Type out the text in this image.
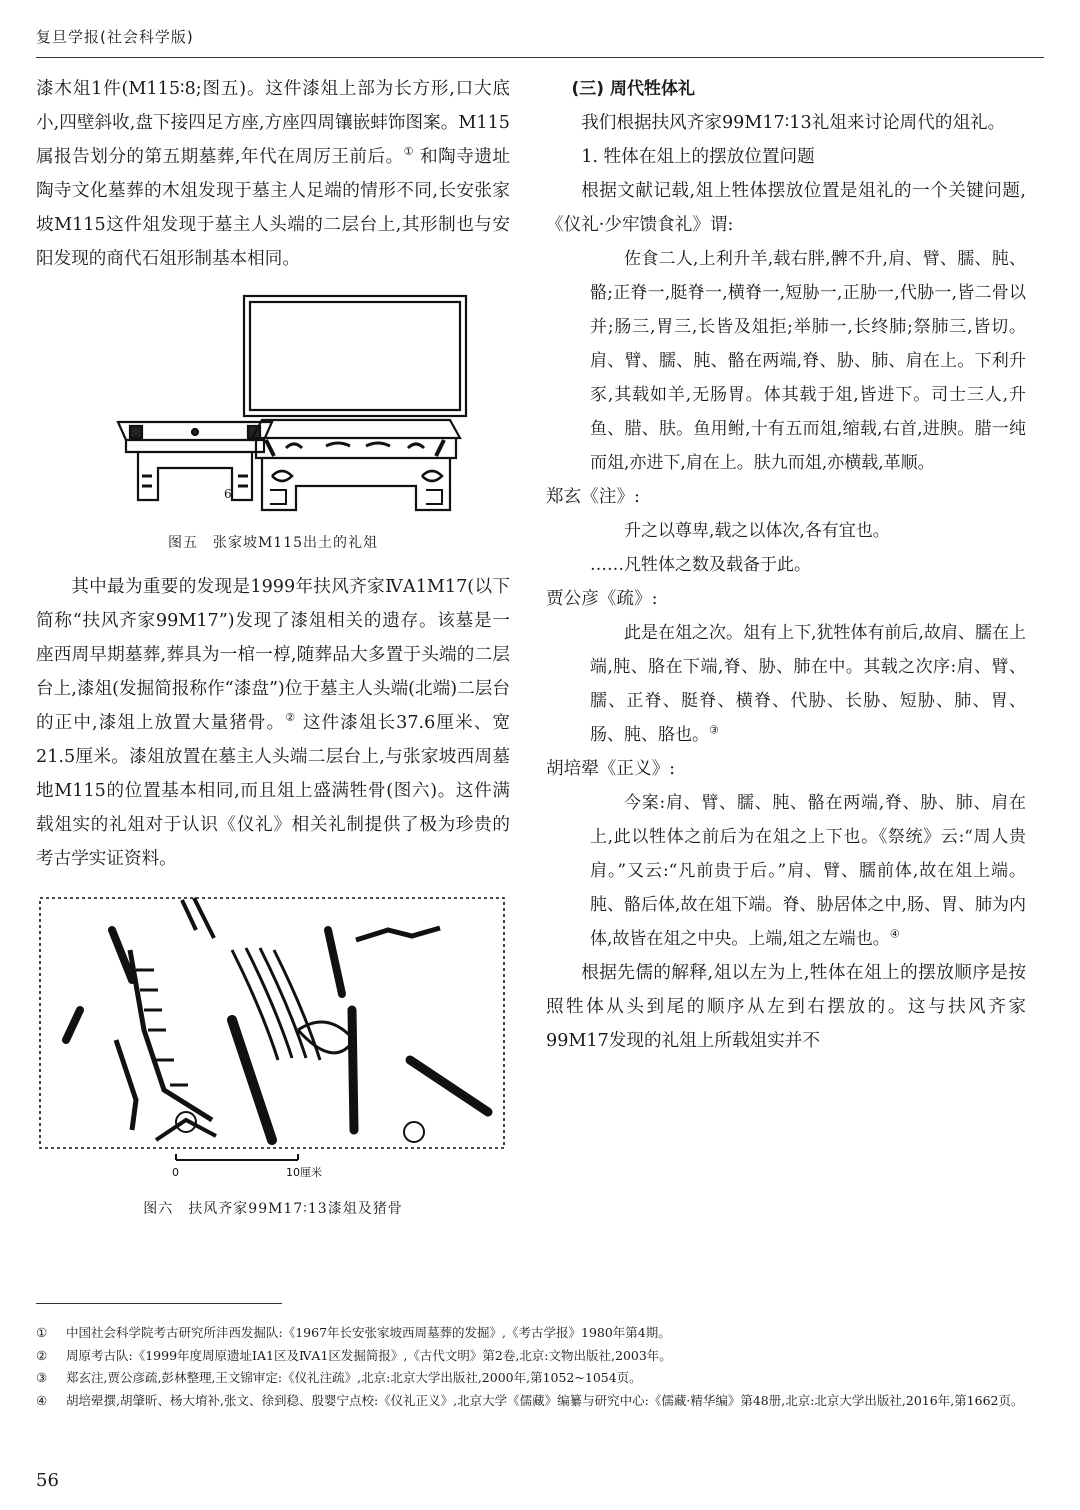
复旦学报(社会科学版)

漆木俎1件(M115∶8;图五)。这件漆俎上部为长方形,口大底小,四壁斜收,盘下接四足方座,方座四周镶嵌蚌饰图案。M115属报告划分的第五期墓葬,年代在周厉王前后。① 和陶寺遗址陶寺文化墓葬的木俎发现于墓主人足端的情形不同,长安张家坡M115这件俎发现于墓主人头端的二层台上,其形制也与安阳发现的商代石俎形制基本相同。

6

图五　张家坡M115出土的礼俎

其中最为重要的发现是1999年扶风齐家ⅣA1M17(以下简称“扶风齐家99M17”)发现了漆俎相关的遗存。该墓是一座西周早期墓葬,葬具为一棺一椁,随葬品大多置于头端的二层台上,漆俎(发掘简报称作“漆盘”)位于墓主人头端(北端)二层台的正中,漆俎上放置大量猪骨。② 这件漆俎长37.6厘米、宽21.5厘米。漆俎放置在墓主人头端二层台上,与张家坡西周墓地M115的位置基本相同,而且俎上盛满牲骨(图六)。这件满载俎实的礼俎对于认识《仪礼》相关礼制提供了极为珍贵的考古学实证资料。

0	10厘米

图六　扶风齐家99M17∶13漆俎及猪骨

(三) 周代牲体礼

我们根据扶风齐家99M17∶13礼俎来讨论周代的俎礼。

1. 牲体在俎上的摆放位置问题

根据文献记载,俎上牲体摆放位置是俎礼的一个关键问题,《仪礼·少牢馈食礼》谓:

佐食二人,上利升羊,载右胖,髀不升,肩、臂、臑、肫、骼;正脊一,脡脊一,横脊一,短胁一,正胁一,代胁一,皆二骨以并;肠三,胃三,长皆及俎拒;举肺一,长终肺;祭肺三,皆切。肩、臂、臑、肫、骼在两端,脊、胁、肺、肩在上。下利升豕,其载如羊,无肠胃。体其载于俎,皆进下。司士三人,升鱼、腊、肤。鱼用鲋,十有五而俎,缩载,右首,进腴。腊一纯而俎,亦进下,肩在上。肤九而俎,亦横载,革顺。

郑玄《注》:

升之以尊卑,载之以体次,各有宜也。

……凡牲体之数及载备于此。

贾公彦《疏》:

此是在俎之次。俎有上下,犹牲体有前后,故肩、臑在上端,肫、胳在下端,脊、胁、肺在中。其载之次序:肩、臂、臑、正脊、脡脊、横脊、代胁、长胁、短胁、肺、胃、肠、肫、胳也。③

胡培翚《正义》:

今案:肩、臂、臑、肫、骼在两端,脊、胁、肺、肩在上,此以牲体之前后为在俎之上下也。《祭统》云:“周人贵肩。”又云:“凡前贵于后。”肩、臂、臑前体,故在俎上端。肫、骼后体,故在俎下端。脊、胁居体之中,肠、胃、肺为内体,故皆在俎之中央。上端,俎之左端也。④

根据先儒的解释,俎以左为上,牲体在俎上的摆放顺序是按照牲体从头到尾的顺序从左到右摆放的。这与扶风齐家99M17发现的礼俎上所载俎实并不

①	中国社会科学院考古研究所沣西发掘队:《1967年长安张家坡西周墓葬的发掘》,《考古学报》1980年第4期。
②	周原考古队:《1999年度周原遗址ⅠA1区及ⅣA1区发掘简报》,《古代文明》第2卷,北京:文物出版社,2003年。
③	郑玄注,贾公彦疏,彭林整理,王文锦审定:《仪礼注疏》,北京:北京大学出版社,2000年,第1052~1054页。
④	胡培翚撰,胡肇昕、杨大堉补,张文、徐到稳、殷婴宁点校:《仪礼正义》,北京大学《儒藏》编纂与研究中心:《儒藏·精华编》第48册,北京:北京大学出版社,2016年,第1662页。
56
